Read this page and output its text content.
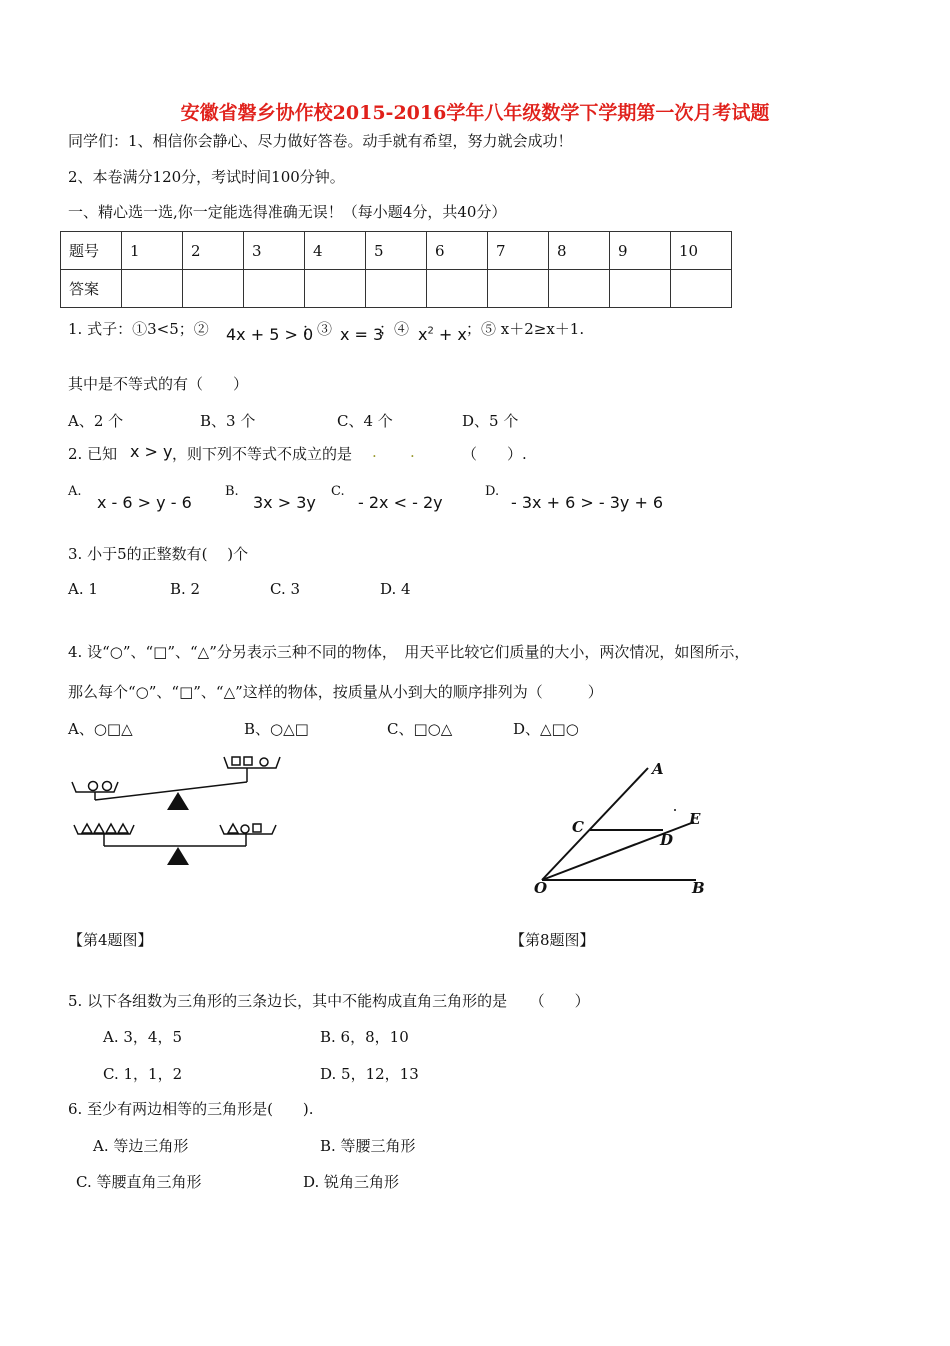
安徽省磐乡协作校2015-2016学年八年级数学下学期第一次月考试题
同学们：1、相信你会静心、尽力做好答卷。动手就有希望，努力就会成功！
2、本卷满分120分，考试时间100分钟。
一、精心选一选,你一定能选得准确无误！（每小题4分，共40分）
题号	1	2	3	4	5	6	7	8	9	10
答案										
1. 式子：①3<5；② 4x + 5 > 0
；③ x = 3
；④ $x^2 + x$ ；⑤ x＋2≥x＋1.
其中是不等式的有（　　）
A、2 个	B、3 个	C、4 个	D、5 个
2. 已知 x > y ，则下列不等式不成立的是 . .	（　　）.
A.
x - 6 > y - 6
B.
3x > 3y
C.
- 2x < - 2y
D.
- 3x + 6 > - 3y + 6
3. 小于5的正整数有(　 )个
A. 1	B. 2	C. 3	D. 4
4. 设“○”、“□”、“△”分另表示三种不同的物体，　用天平比较它们质量的大小，两次情况，如图所示，
那么每个“○”、“□”、“△”这样的物体，按质量从小到大的顺序排列为（　　　）
A、○□△	B、○△□	C、□○△	D、△□○
【第4题图】
A
B
C
D
E
O
【第8题图】
5. 以下各组数为三角形的三条边长，其中不能构成直角三角形的是　　（　　）
A. 3，4，5	B. 6，8，10
C. 1，1，2	D. 5，12，13
6. 至少有两边相等的三角形是(　　).
A. 等边三角形	B. 等腰三角形
C. 等腰直角三角形	D. 锐角三角形
